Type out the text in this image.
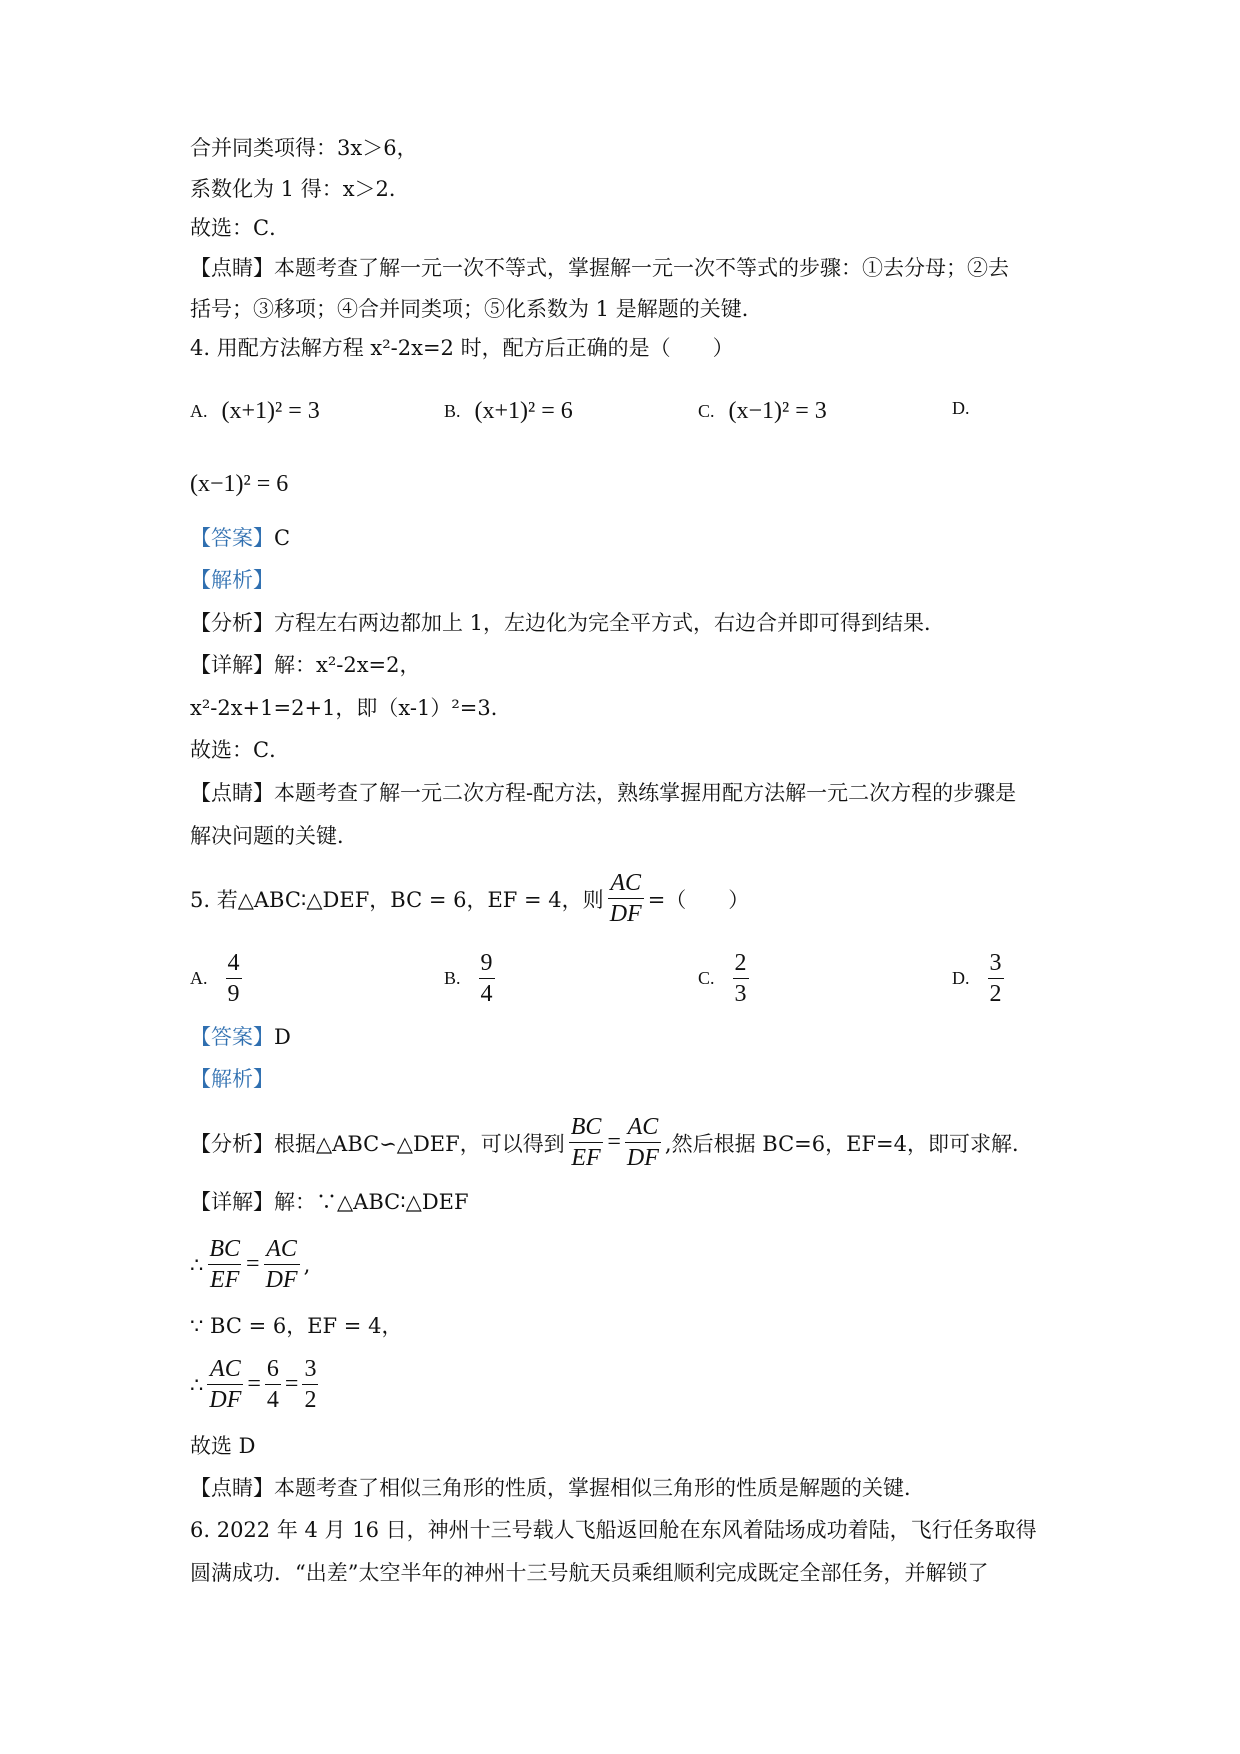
合并同类项得：3x＞6，
系数化为 1 得：x＞2．
故选：C．
【点睛】本题考查了解一元一次不等式，掌握解一元一次不等式的步骤：①去分母；②去
括号；③移项；④合并同类项；⑤化系数为 1 是解题的关键．
4. 用配方法解方程 x²-2x=2 时，配方后正确的是（　　）
A. (x+1)² = 3	B. (x+1)² = 6	C. (x−1)² = 3	D.
(x−1)² = 6
【答案】C
【解析】
【分析】方程左右两边都加上 1，左边化为完全平方式，右边合并即可得到结果．
【详解】解：x²-2x=2，
x²-2x+1=2+1，即（x-1）²=3．
故选：C．
【点睛】本题考查了解一元二次方程-配方法，熟练掌握用配方法解一元二次方程的步骤是
解决问题的关键．
5. 若△ABC∶△DEF，BC = 6，EF = 4，则 $\frac{AC}{DF}$ =（　　）
A. $\frac{4}{9}$	B. $\frac{9}{4}$	C. $\frac{2}{3}$	D. $\frac{3}{2}$
【答案】D
【解析】
【分析】 根据△ABC∽△DEF，可以得到 $\frac{BC}{EF} = \frac{AC}{DF}$ ,然后根据 BC=6，EF=4，即可求解．
【详解】解：∵△ABC∶△DEF
∴ $\frac{BC}{EF} = \frac{AC}{DF}$ ,
∵ BC = 6，EF = 4，
∴ $\frac{AC}{DF} = \frac{6}{4} = \frac{3}{2}$
故选 D
【点睛】本题考查了相似三角形的性质，掌握相似三角形的性质是解题的关键．
6. 2022 年 4 月 16 日，神州十三号载人飞船返回舱在东风着陆场成功着陆，飞行任务取得
圆满成功．“出差”太空半年的神州十三号航天员乘组顺利完成既定全部任务，并解锁了
